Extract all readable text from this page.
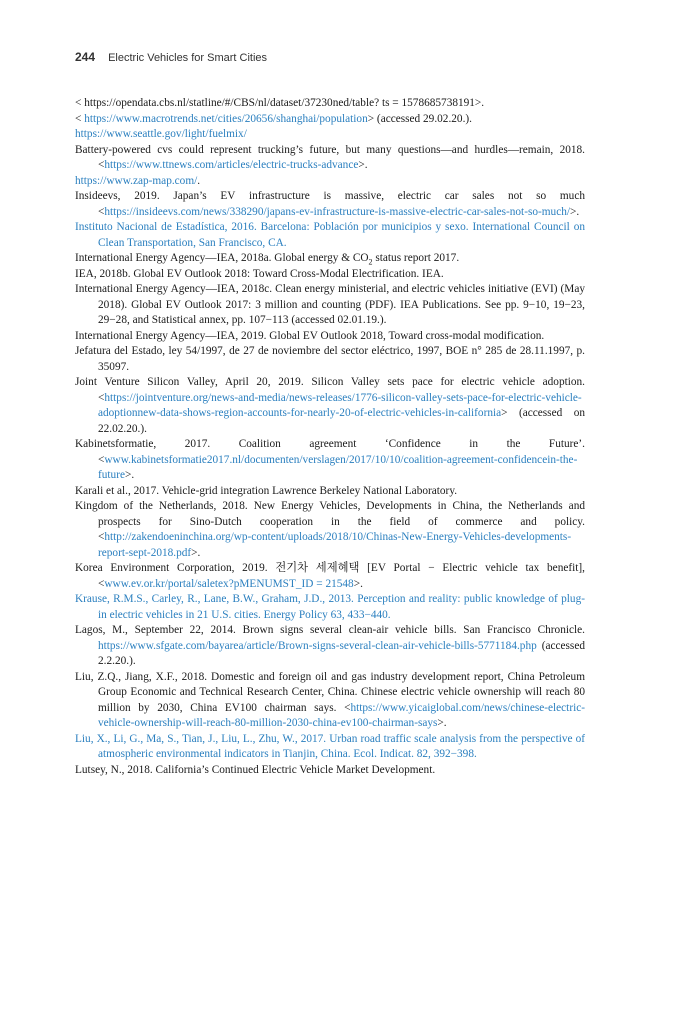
244 Electric Vehicles for Smart Cities

< https://opendata.cbs.nl/statline/#/CBS/nl/dataset/37230ned/table? ts = 1578685738191>.

< https://www.macrotrends.net/cities/20656/shanghai/population> (accessed 29.02.20.).

https://www.seattle.gov/light/fuelmix/

Battery-powered cvs could represent trucking’s future, but many questions—and hurdles—remain, 2018. <https://www.ttnews.com/articles/electric-trucks-advance>.

https://www.zap-map.com/.

Insideevs, 2019. Japan’s EV infrastructure is massive, electric car sales not so much <https://insideevs.com/news/338290/japans-ev-infrastructure-is-massive-electric-car-sales-not-so-much/>.

Instituto Nacional de Estadística, 2016. Barcelona: Población por municipios y sexo. International Council on Clean Transportation, San Francisco, CA.

International Energy Agency—IEA, 2018a. Global energy & $CO_2$ status report 2017.

IEA, 2018b. Global EV Outlook 2018: Toward Cross-Modal Electrification. IEA.

International Energy Agency—IEA, 2018c. Clean energy ministerial, and electric vehicles initiative (EVI) (May 2018). Global EV Outlook 2017: 3 million and counting (PDF). IEA Publications. See pp. 9−10, 19−23, 29−28, and Statistical annex, pp. 107−113 (accessed 02.01.19.).

International Energy Agency—IEA, 2019. Global EV Outlook 2018, Toward cross-modal modification.

Jefatura del Estado, ley 54/1997, de 27 de noviembre del sector eléctrico, 1997, BOE n° 285 de 28.11.1997, p. 35097.

Joint Venture Silicon Valley, April 20, 2019. Silicon Valley sets pace for electric vehicle adoption. <https://jointventure.org/news-and-media/news-releases/1776-silicon-valley-sets-pace-for-electric-vehicle-adoptionnew-data-shows-region-accounts-for-nearly-20-of-electric-vehicles-in-california> (accessed on 22.02.20.).

Kabinetsformatie, 2017. Coalition agreement ‘Confidence in the Future’. <www.kabinetsformatie2017.nl/documenten/verslagen/2017/10/10/coalition-agreement-confidencein-the-future>.

Karali et al., 2017. Vehicle-grid integration Lawrence Berkeley National Laboratory.

Kingdom of the Netherlands, 2018. New Energy Vehicles, Developments in China, the Netherlands and prospects for Sino-Dutch cooperation in the field of commerce and policy. <http://zakendoeninchina.org/wp-content/uploads/2018/10/Chinas-New-Energy-Vehicles-developments-report-sept-2018.pdf>.

Korea Environment Corporation, 2019. 전기차 세제혜택 [EV Portal − Electric vehicle tax benefit], <www.ev.or.kr/portal/saletex?pMENUMST_ID = 21548>.

Krause, R.M.S., Carley, R., Lane, B.W., Graham, J.D., 2013. Perception and reality: public knowledge of plug-in electric vehicles in 21 U.S. cities. Energy Policy 63, 433−440.

Lagos, M., September 22, 2014. Brown signs several clean-air vehicle bills. San Francisco Chronicle. https://www.sfgate.com/bayarea/article/Brown-signs-several-clean-air-vehicle-bills-5771184.php (accessed 2.2.20.).

Liu, Z.Q., Jiang, X.F., 2018. Domestic and foreign oil and gas industry development report, China Petroleum Group Economic and Technical Research Center, China. Chinese electric vehicle ownership will reach 80 million by 2030, China EV100 chairman says. <https://www.yicaiglobal.com/news/chinese-electric-vehicle-ownership-will-reach-80-million-2030-china-ev100-chairman-says>.

Liu, X., Li, G., Ma, S., Tian, J., Liu, L., Zhu, W., 2017. Urban road traffic scale analysis from the perspective of atmospheric environmental indicators in Tianjin, China. Ecol. Indicat. 82, 392−398.

Lutsey, N., 2018. California’s Continued Electric Vehicle Market Development.
